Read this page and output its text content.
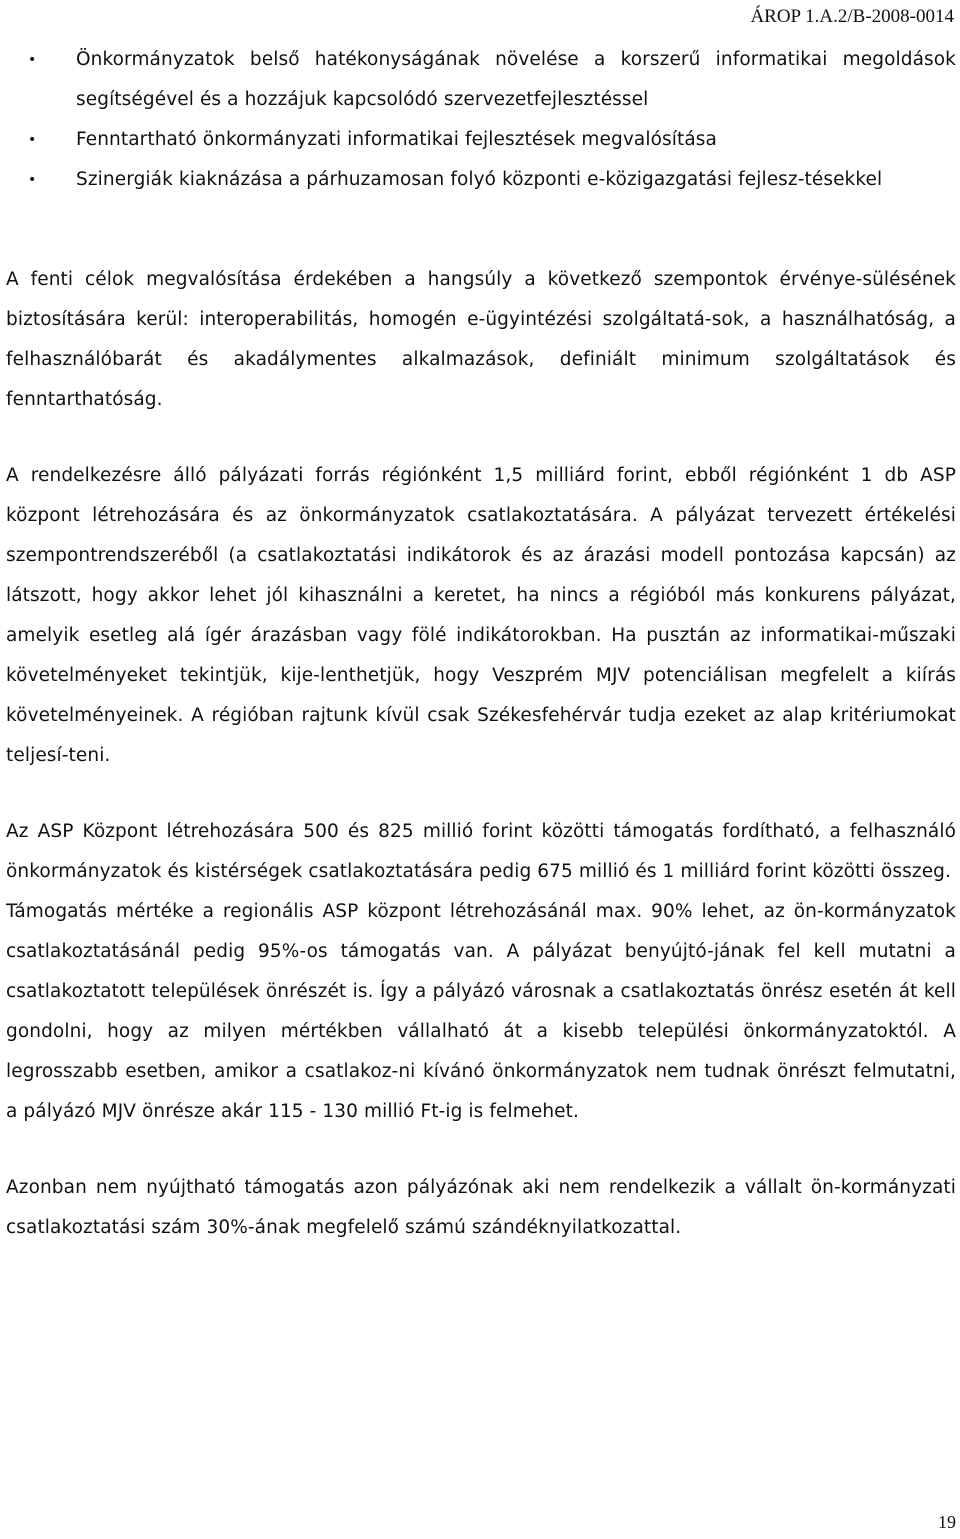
ÁROP 1.A.2/B-2008-0014
• Önkormányzatok belső hatékonyságának növelése a korszerű informatikai megoldások segítségével és a hozzájuk kapcsolódó szervezetfejlesztéssel
• Fenntartható önkormányzati informatikai fejlesztések megvalósítása
• Szinergiák kiaknázása a párhuzamosan folyó központi e-közigazgatási fejlesz-tésekkel

A fenti célok megvalósítása érdekében a hangsúly a következő szempontok érvénye-sülésének biztosítására kerül: interoperabilitás, homogén e-ügyintézési szolgáltatá-sok, a használhatóság, a felhasználóbarát és akadálymentes alkalmazások, definiált minimum szolgáltatások és fenntarthatóság.

A rendelkezésre álló pályázati forrás régiónként 1,5 milliárd forint, ebből régiónként 1 db ASP központ létrehozására és az önkormányzatok csatlakoztatására. A pályázat tervezett értékelési szempontrendszeréből (a csatlakoztatási indikátorok és az árazási modell pontozása kapcsán) az látszott, hogy akkor lehet jól kihasználni a keretet, ha nincs a régióból más konkurens pályázat, amelyik esetleg alá ígér árazásban vagy fölé indikátorokban. Ha pusztán az informatikai-műszaki követelményeket tekintjük, kije-lenthetjük, hogy Veszprém MJV potenciálisan megfelelt a kiírás követelményeinek. A régióban rajtunk kívül csak Székesfehérvár tudja ezeket az alap kritériumokat teljesí-teni.

Az ASP Központ létrehozására 500 és 825 millió forint közötti támogatás fordítható, a felhasználó önkormányzatok és kistérségek csatlakoztatására pedig 675 millió és 1 milliárd forint közötti összeg.

Támogatás mértéke a regionális ASP központ létrehozásánál max. 90% lehet, az ön-kormányzatok csatlakoztatásánál pedig 95%-os támogatás van. A pályázat benyújtó-jának fel kell mutatni a csatlakoztatott települések önrészét is. Így a pályázó városnak a csatlakoztatás önrész esetén át kell gondolni, hogy az milyen mértékben vállalható át a kisebb települési önkormányzatoktól. A legrosszabb esetben, amikor a csatlakoz-ni kívánó önkormányzatok nem tudnak önrészt felmutatni, a pályázó MJV önrésze akár 115 - 130 millió Ft-ig is felmehet.

Azonban nem nyújtható támogatás azon pályázónak aki nem rendelkezik a vállalt ön-kormányzati csatlakoztatási szám 30%-ának megfelelő számú szándéknyilatkozattal.

19
